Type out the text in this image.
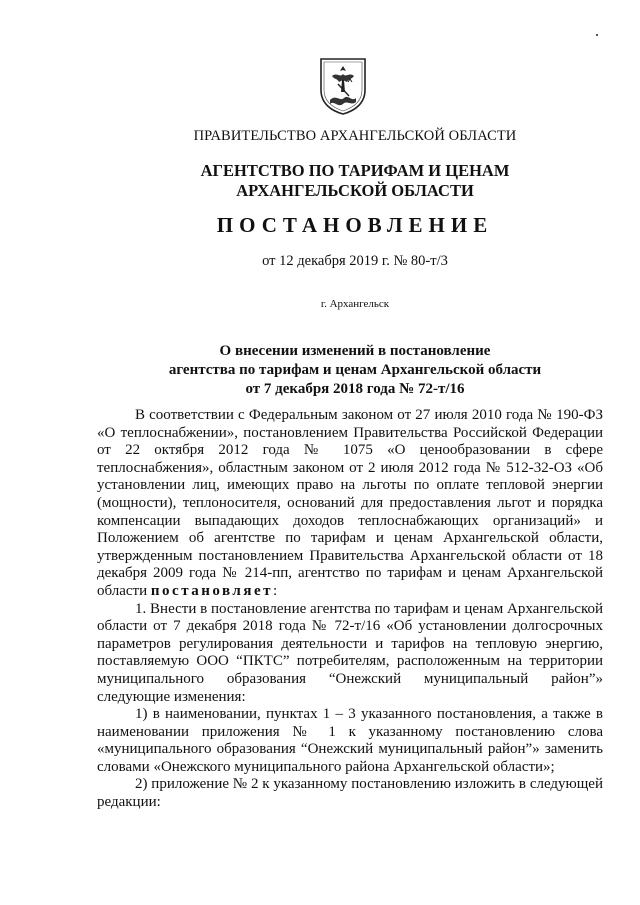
ПРАВИТЕЛЬСТВО АРХАНГЕЛЬСКОЙ ОБЛАСТИ
АГЕНТСТВО ПО ТАРИФАМ И ЦЕНАМ
АРХАНГЕЛЬСКОЙ ОБЛАСТИ
ПОСТАНОВЛЕНИЕ
от 12 декабря 2019 г. № 80-т/3
г. Архангельск
О внесении изменений в постановление
агентства по тарифам и ценам Архангельской области
от 7 декабря 2018 года № 72-т/16

В соответствии с Федеральным законом от 27 июля 2010 года № 190-ФЗ «О теплоснабжении», постановлением Правительства Российской Федерации от 22 октября 2012 года № 1075 «О ценообразовании в сфере теплоснабжения», областным законом от 2 июля 2012 года № 512-32-ОЗ «Об установлении лиц, имеющих право на льготы по оплате тепловой энергии (мощности), теплоносителя, оснований для предоставления льгот и порядка компенсации выпадающих доходов теплоснабжающих организаций» и Положением об агентстве по тарифам и ценам Архангельской области, утвержденным постановлением Правительства Архангельской области от 18 декабря 2009 года № 214-пп, агентство по тарифам и ценам Архангельской области постановляет:

1. Внести в постановление агентства по тарифам и ценам Архангельской области от 7 декабря 2018 года № 72-т/16 «Об установлении долгосрочных параметров регулирования деятельности и тарифов на тепловую энергию, поставляемую ООО “ПКТС” потребителям, расположенным на территории муниципального образования “Онежский муниципальный район”» следующие изменения:

1) в наименовании, пунктах 1 – 3 указанного постановления, а также в наименовании приложения № 1 к указанному постановлению слова «муниципального образования “Онежский муниципальный район”» заменить словами «Онежского муниципального района Архангельской области»;

2) приложение № 2 к указанному постановлению изложить в следующей редакции:
